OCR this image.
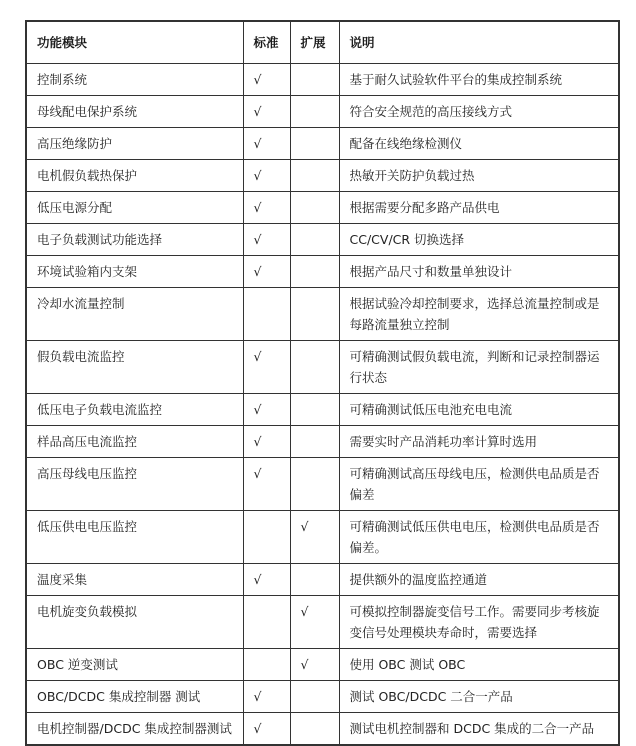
功能模块	标准	扩展	说明
控制系统	√		基于耐久试验软件平台的集成控制系统
母线配电保护系统	√		符合安全规范的高压接线方式
高压绝缘防护	√		配备在线绝缘检测仪
电机假负载热保护	√		热敏开关防护负载过热
低压电源分配	√		根据需要分配多路产品供电
电子负载测试功能选择	√		CC/CV/CR 切换选择
环境试验箱内支架	√		根据产品尺寸和数量单独设计
冷却水流量控制			根据试验冷却控制要求，选择总流量控制或是每路流量独立控制
假负载电流监控	√		可精确测试假负载电流，判断和记录控制器运行状态
低压电子负载电流监控	√		可精确测试低压电池充电电流
样品高压电流监控	√		需要实时产品消耗功率计算时选用
高压母线电压监控	√		可精确测试高压母线电压，检测供电品质是否偏差
低压供电电压监控		√	可精确测试低压供电电压，检测供电品质是否偏差。
温度采集	√		提供额外的温度监控通道
电机旋变负载模拟		√	可模拟控制器旋变信号工作。需要同步考核旋变信号处理模块寿命时，需要选择
OBC 逆变测试		√	使用 OBC 测试 OBC
OBC/DCDC 集成控制器 测试	√		测试 OBC/DCDC 二合一产品
电机控制器/DCDC 集成控制器测试	√		测试电机控制器和 DCDC 集成的二合一产品
